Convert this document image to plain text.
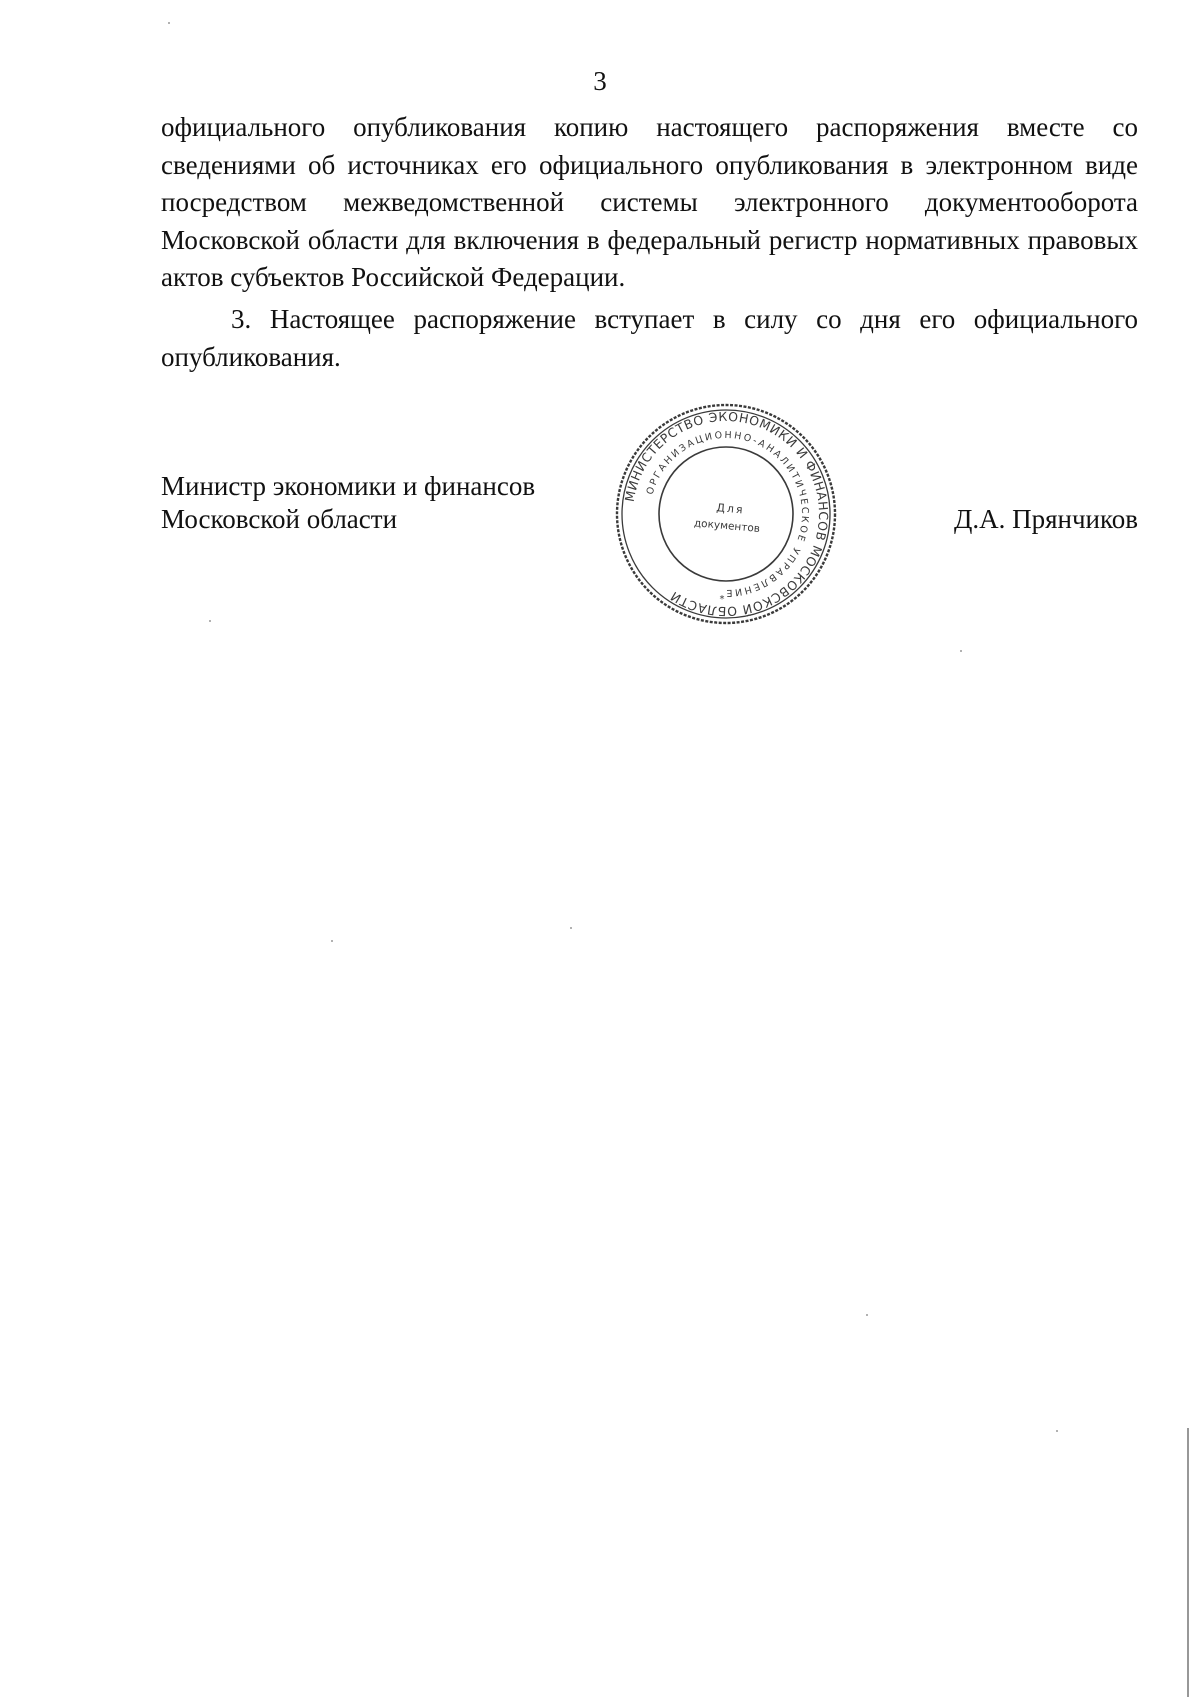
3

официального опубликования копию настоящего распоряжения вместе со сведениями об источниках его официального опубликования в электронном виде посредством межведомственной системы электронного документооборота Московской области для включения в федеральный регистр нормативных правовых актов субъектов Российской Федерации.

3. Настоящее распоряжение вступает в силу со дня его официального опубликования.

Министр экономики и финансов
Московской области
МИНИСТЕРСТВО ЭКОНОМИКИ И ФИНАНСОВ МОСКОВСКОЙ ОБЛАСТИ
ОРГАНИЗАЦИОННО-АНАЛИТИЧЕСКОЕ УПРАВЛЕНИЕ
Для
документов
*
Д.А. Прянчиков
